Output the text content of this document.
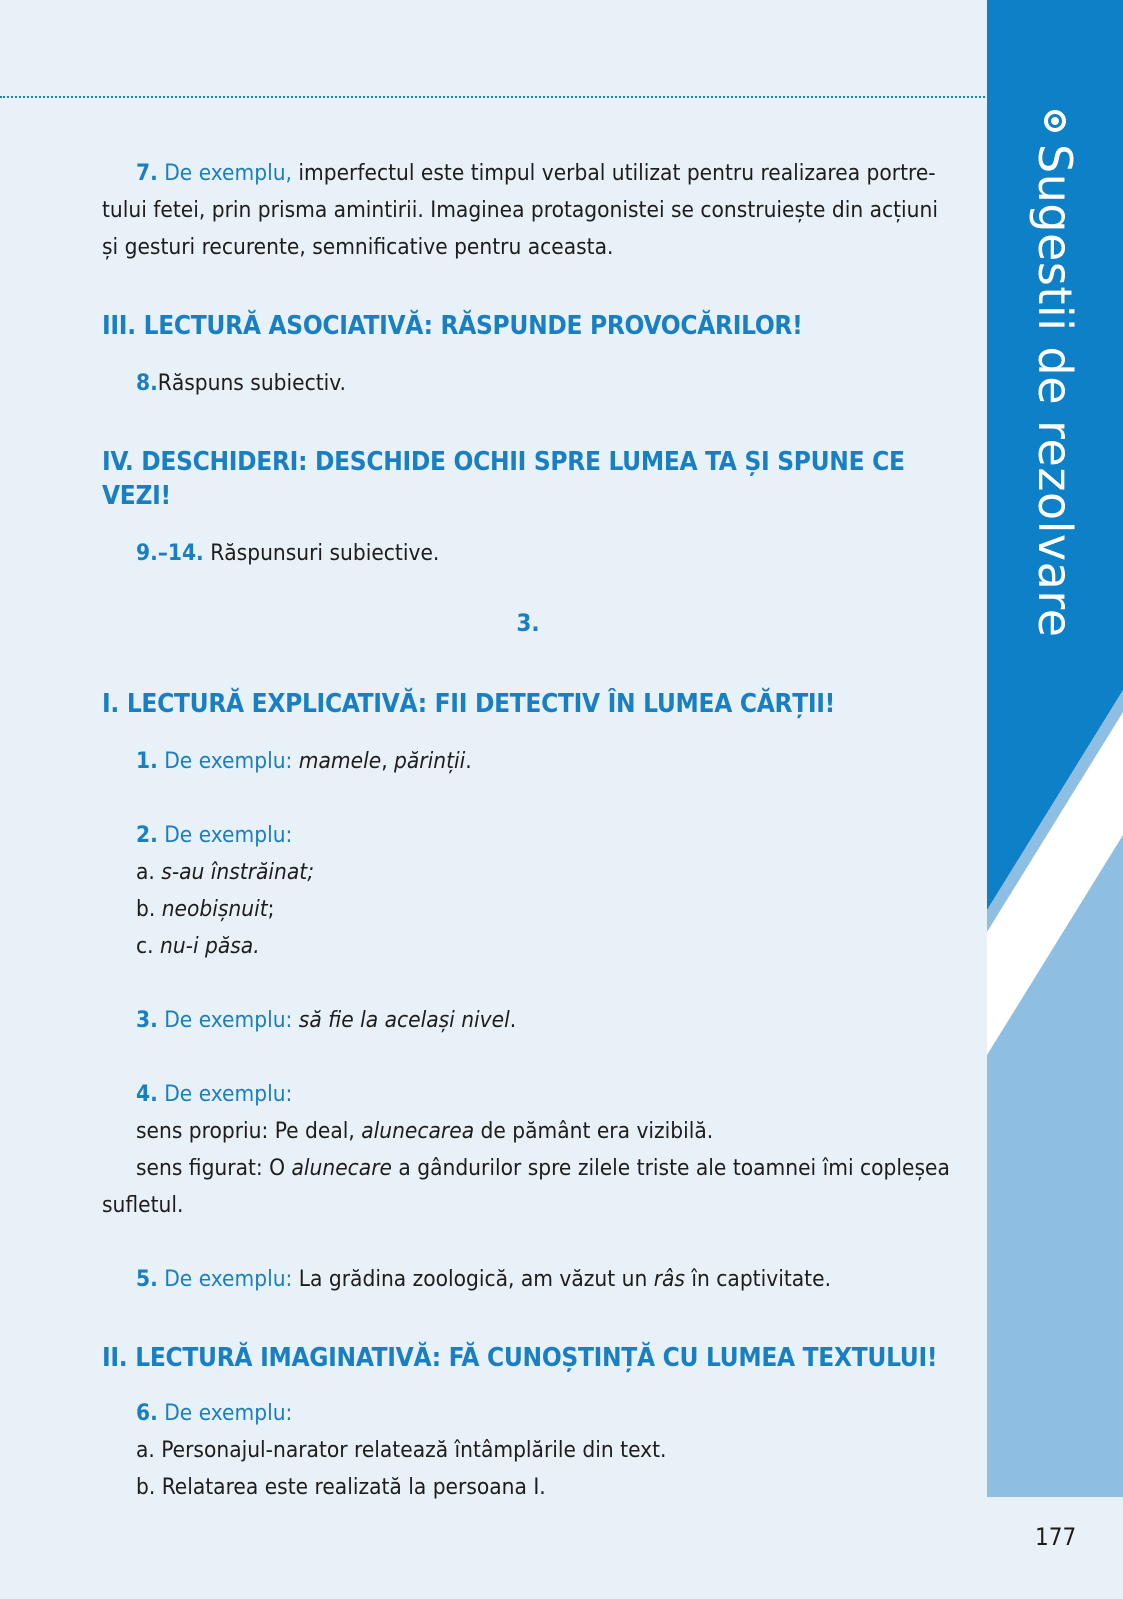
Sugestii de rezolvare

7. De exemplu, imperfectul este timpul verbal utilizat pentru realizarea portre-tului fetei, prin prisma amintirii. Imaginea protagonistei se construiește din acțiuni și gesturi recurente, semnificative pentru aceasta.

III. LECTURĂ ASOCIATIVĂ: RĂSPUNDE PROVOCĂRILOR!

8.Răspuns subiectiv.

IV. DESCHIDERI: DESCHIDE OCHII SPRE LUMEA TA ȘI SPUNE CE VEZI!

9.–14. Răspunsuri subiective.

3.

I. LECTURĂ EXPLICATIVĂ: FII DETECTIV ÎN LUMEA CĂRȚII!

1. De exemplu: mamele, părinții.

2. De exemplu:

a. s-au înstrăinat;
b. neobișnuit;
c. nu-i păsa.

3. De exemplu: să fie la același nivel.

4. De exemplu:

sens propriu: Pe deal, alunecarea de pământ era vizibilă.

sens figurat: O alunecare a gândurilor spre zilele triste ale toamnei îmi copleșea sufletul.

5. De exemplu: La grădina zoologică, am văzut un râs în captivitate.

II. LECTURĂ IMAGINATIVĂ: FĂ CUNOȘTINȚĂ CU LUMEA TEXTULUI!

6. De exemplu:

a. Personajul-narator relatează întâmplările din text.
b. Relatarea este realizată la persoana I.
177
